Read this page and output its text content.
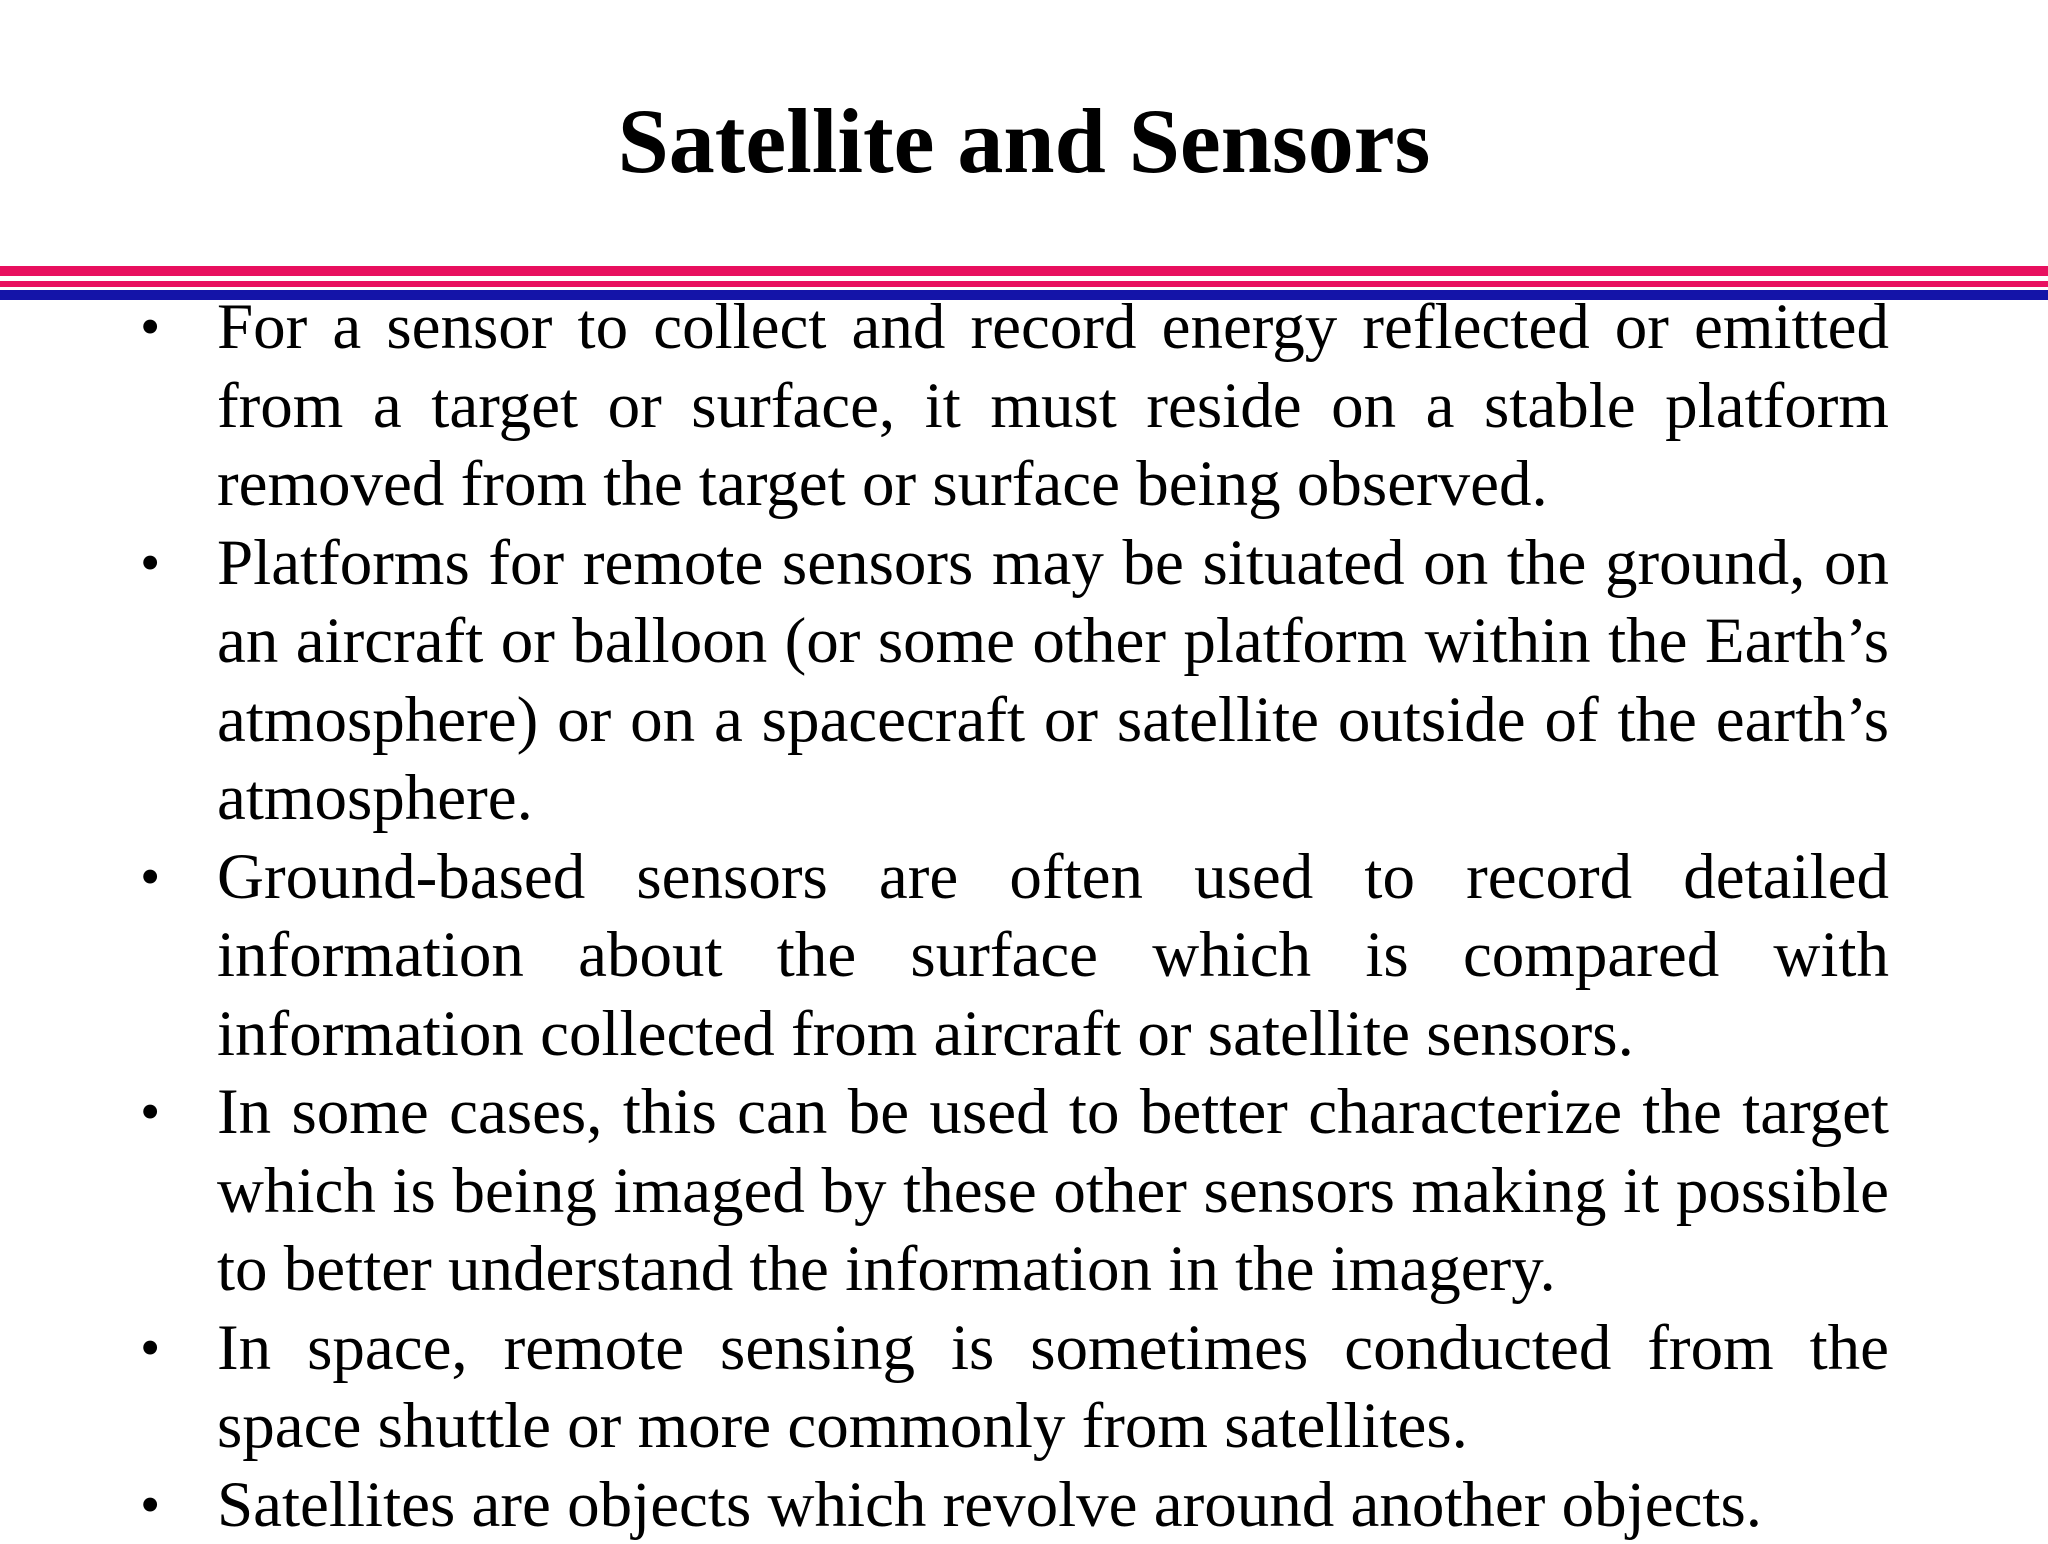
Satellite and Sensors
• For a sensor to collect and record energy reflected or emitted from a target or surface, it must reside on a stable platform removed from the target or surface being observed.
• Platforms for remote sensors may be situated on the ground, on an aircraft or balloon (or some other platform within the Earth’s atmosphere) or on a spacecraft or satellite outside of the earth’s atmosphere.
• Ground-based sensors are often used to record detailed information about the surface which is compared with information collected from aircraft or satellite sensors.
• In some cases, this can be used to better characterize the target which is being imaged by these other sensors making it possible to better understand the information in the imagery.
• In space, remote sensing is sometimes conducted from the space shuttle or more commonly from satellites.
• Satellites are objects which revolve around another objects.
